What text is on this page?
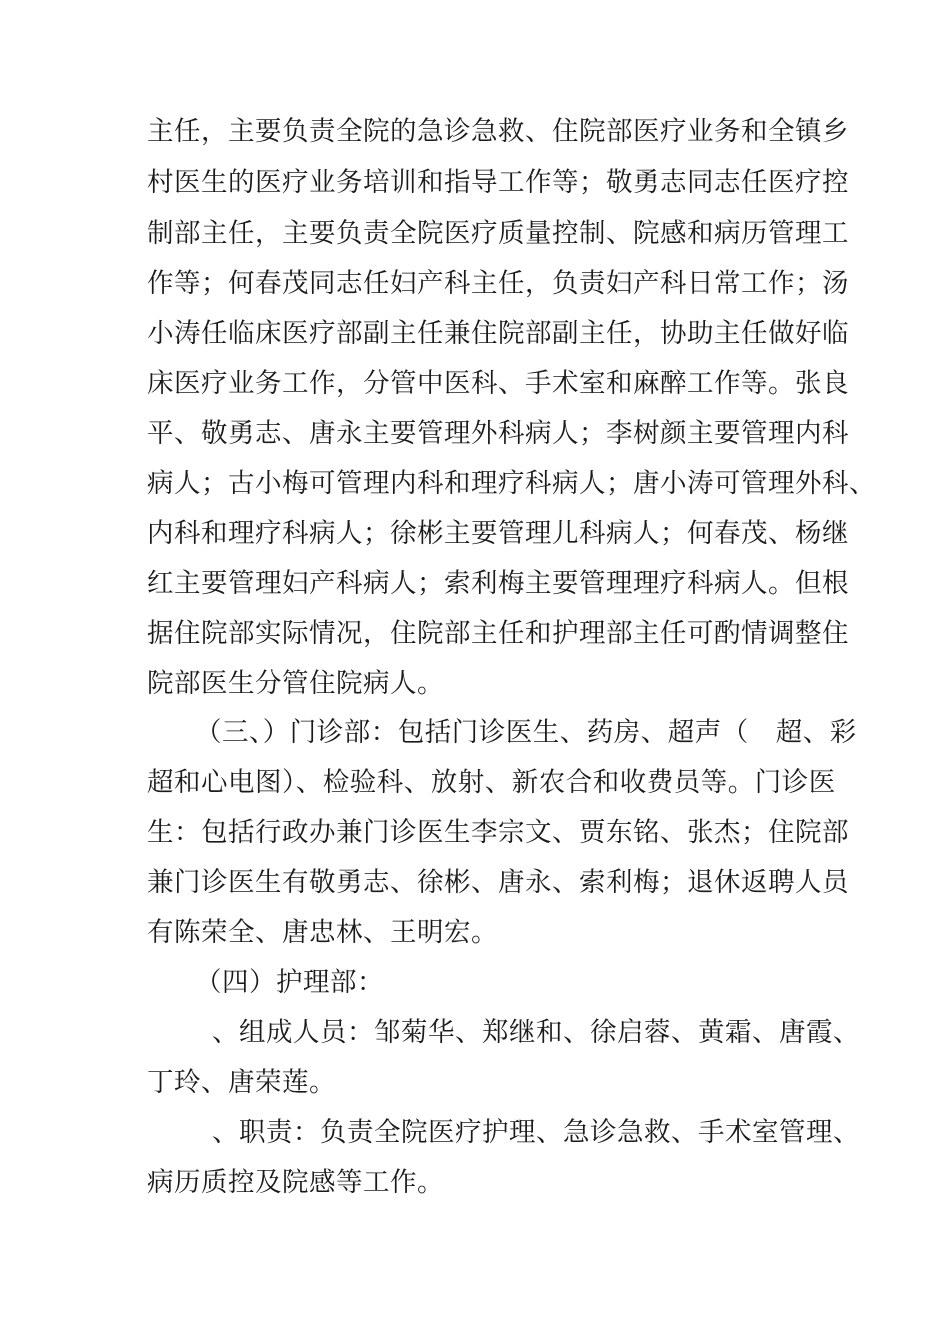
主任，主要负责全院的急诊急救、住院部医疗业务和全镇乡
村医生的医疗业务培训和指导工作等；敬勇志同志任医疗控
制部主任，主要负责全院医疗质量控制、院感和病历管理工
作等；何春茂同志任妇产科主任，负责妇产科日常工作；汤
小涛任临床医疗部副主任兼住院部副主任，协助主任做好临
床医疗业务工作，分管中医科、手术室和麻醉工作等。张良
平、敬勇志、唐永主要管理外科病人；李树颜主要管理内科
病人；古小梅可管理内科和理疗科病人；唐小涛可管理外科、
内科和理疗科病人；徐彬主要管理儿科病人；何春茂、杨继
红主要管理妇产科病人；索利梅主要管理理疗科病人。但根
据住院部实际情况，住院部主任和护理部主任可酌情调整住
院部医生分管住院病人。
（三、）门诊部：包括门诊医生、药房、超声（　超、彩
超和心电图）、检验科、放射、新农合和收费员等。门诊医
生：包括行政办兼门诊医生李宗文、贾东铭、张杰；住院部
兼门诊医生有敬勇志、徐彬、唐永、索利梅；退休返聘人员
有陈荣全、唐忠林、王明宏。
（四）护理部：
、组成人员：邹菊华、郑继和、徐启蓉、黄霜、唐霞、
丁玲、唐荣莲。
、职责：负责全院医疗护理、急诊急救、手术室管理、
病历质控及院感等工作。
